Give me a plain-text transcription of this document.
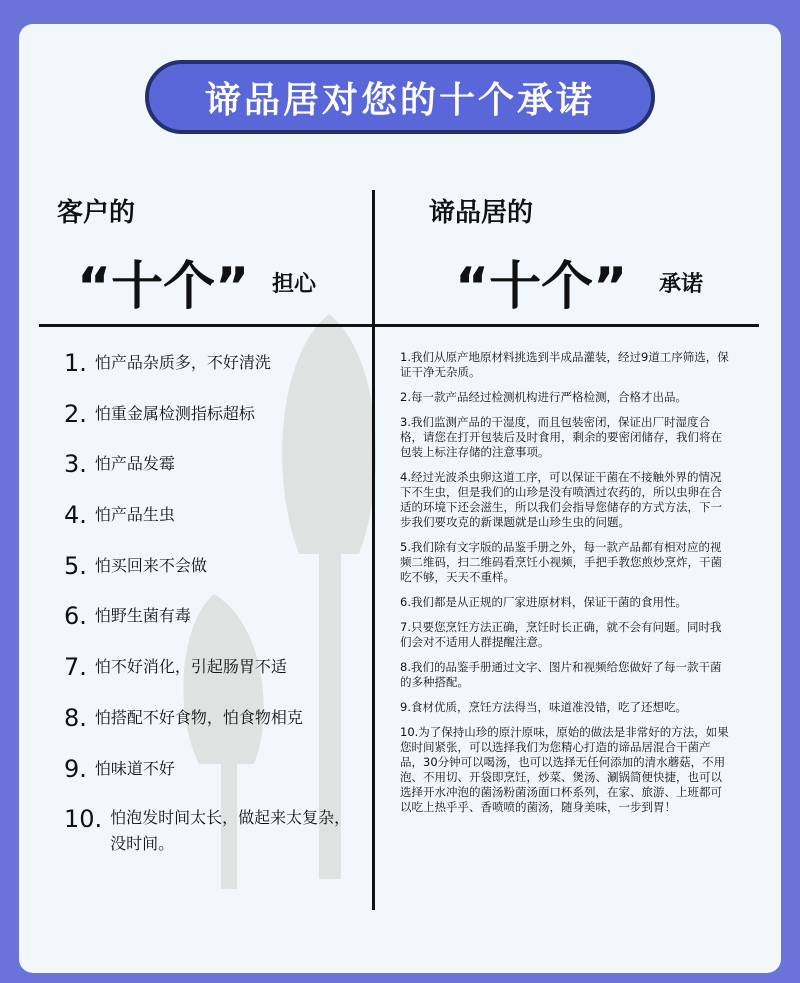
谛品居对您的十个承诺
客户的
“十个” 担心
谛品居的
“十个” 承诺
1. 怕产品杂质多，不好清洗
2. 怕重金属检测指标超标
3. 怕产品发霉
4. 怕产品生虫
5. 怕买回来不会做
6. 怕野生菌有毒
7. 怕不好消化，引起肠胃不适
8. 怕搭配不好食物，怕食物相克
9. 怕味道不好
10. 怕泡发时间太长，做起来太复杂，没时间。
1.我们从原产地原材料挑选到半成品灌装，经过9道工序筛选，保证干净无杂质。
2.每一款产品经过检测机构进行严格检测，合格才出品。
3.我们监测产品的干湿度，而且包装密闭，保证出厂时湿度合格，请您在打开包装后及时食用，剩余的要密闭储存，我们将在包装上标注存储的注意事项。
4.经过光波杀虫卵这道工序，可以保证干菌在不接触外界的情况下不生虫，但是我们的山珍是没有喷洒过农药的，所以虫卵在合适的环境下还会滋生，所以我们会指导您储存的方式方法，下一步我们要攻克的新课题就是山珍生虫的问题。
5.我们除有文字版的品鉴手册之外，每一款产品都有相对应的视频二维码，扫二维码看烹饪小视频，手把手教您煎炒烹炸，干菌吃不够，天天不重样。
6.我们都是从正规的厂家进原材料，保证干菌的食用性。
7.只要您烹饪方法正确，烹饪时长正确，就不会有问题。同时我们会对不适用人群提醒注意。
8.我们的品鉴手册通过文字、图片和视频给您做好了每一款干菌的多种搭配。
9.食材优质，烹饪方法得当，味道准没错，吃了还想吃。
10.为了保持山珍的原汁原味，原始的做法是非常好的方法，如果您时间紧张，可以选择我们为您精心打造的谛品居混合干菌产品，30分钟可以喝汤，也可以选择无任何添加的清水蘑菇，不用泡、不用切、开袋即烹饪，炒菜、煲汤、涮锅简便快捷，也可以选择开水冲泡的菌汤粉菌汤面口杯系列，在家、旅游、上班都可以吃上热乎乎、香喷喷的菌汤，随身美味，一步到胃！
